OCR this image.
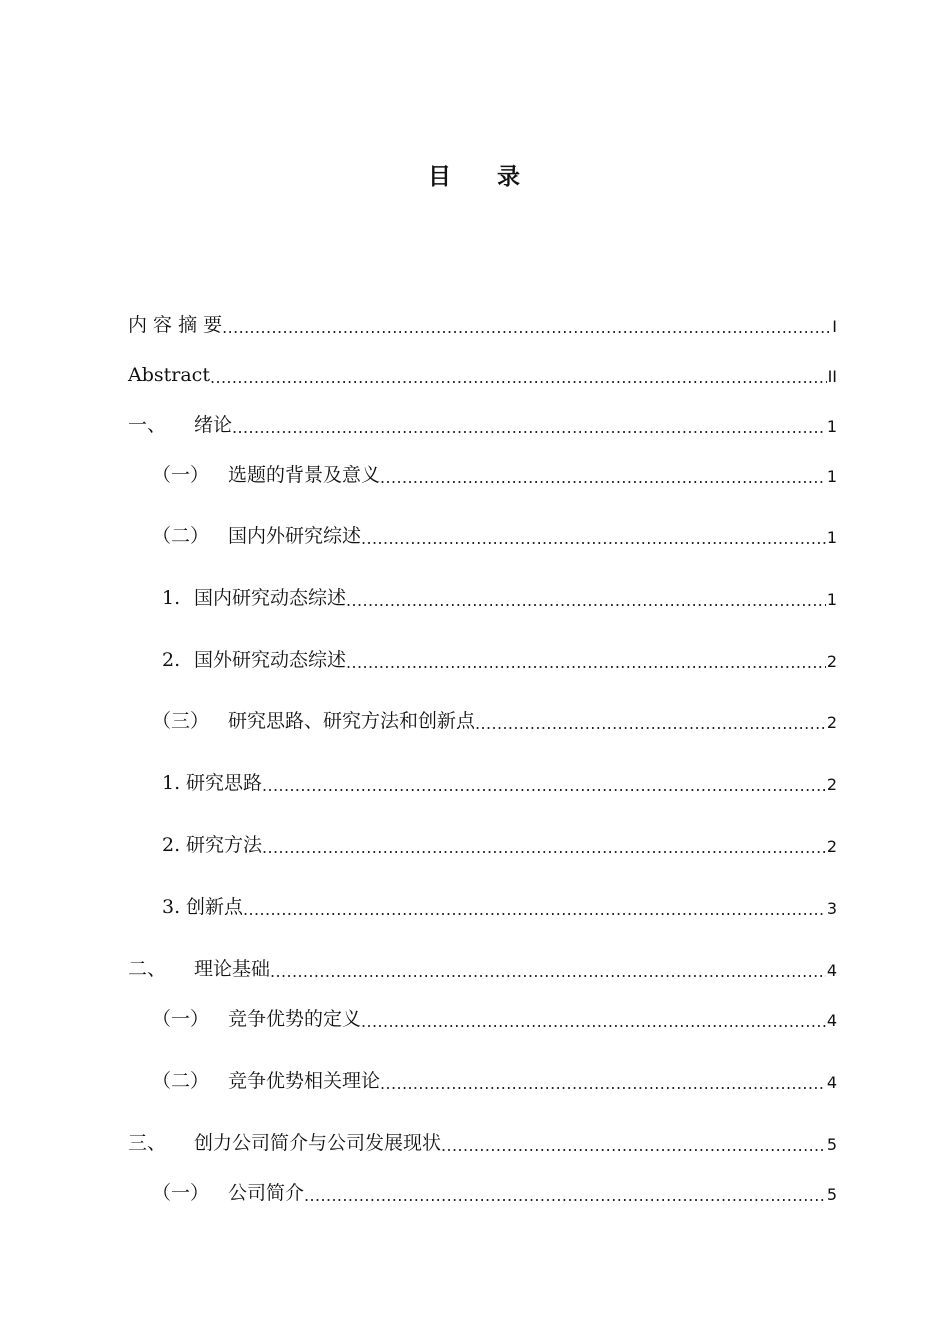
目 录
内 容 摘 要 .....	I
Abstract .....	II
一、	绪论 .....	1
（一） 选题的背景及意义 .....	1
（二） 国内外研究综述 .....	1
1. 国内研究动态综述 .....	1
2. 国外研究动态综述 .....	2
（三） 研究思路、研究方法和创新点 .....	2
1. 研究思路 .....	2
2. 研究方法 .....	2
3. 创新点 .....	3
二、	理论基础 .....	4
（一） 竞争优势的定义 .....	4
（二） 竞争优势相关理论 .....	4
三、	创力公司简介与公司发展现状 .....	5
（一） 公司简介 .....	5
